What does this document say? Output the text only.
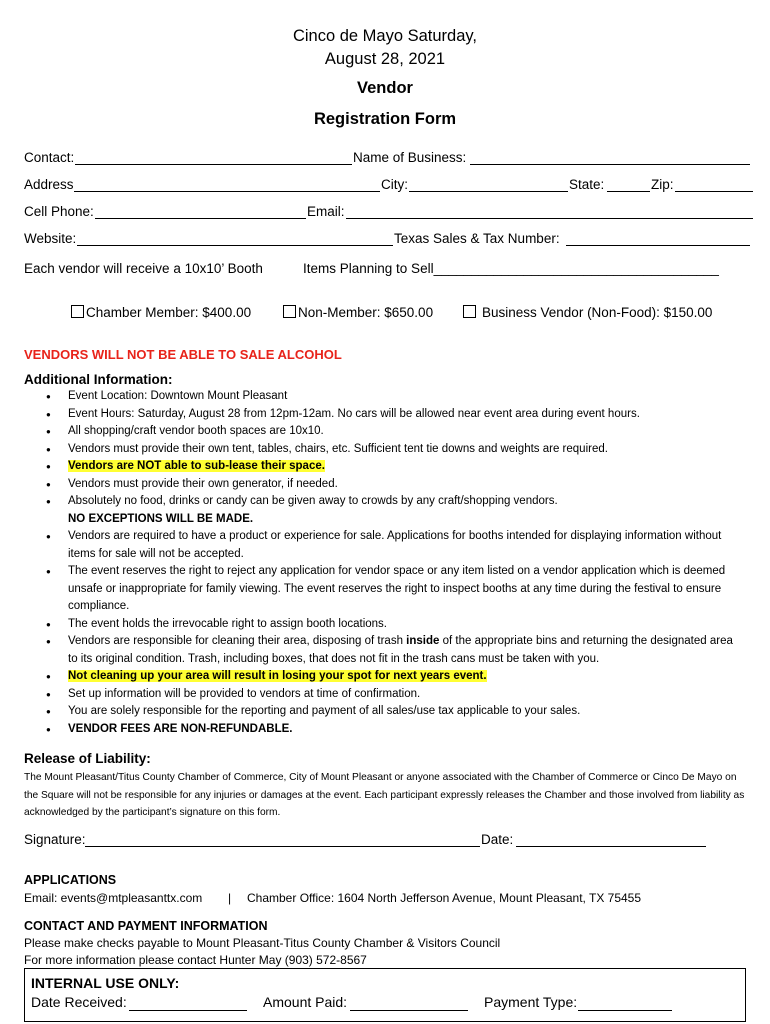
Cinco de Mayo Saturday,
August 28, 2021
Vendor
Registration Form
Contact:	Name of Business:
Address	City:	State:	Zip:
Cell Phone:	Email:
Website:	Texas Sales & Tax Number:
Each vendor will receive a 10x10’ Booth	Items Planning to Sell______________________________________
Chamber Member: $400.00	Non-Member: $650.00	Business Vendor (Non-Food): $150.00
VENDORS WILL NOT BE ABLE TO SALE ALCOHOL
Additional Information:
● Event Location: Downtown Mount Pleasant
● Event Hours: Saturday, August 28 from 12pm-12am. No cars will be allowed near event area during event hours.
● All shopping/craft vendor booth spaces are 10x10.
● Vendors must provide their own tent, tables, chairs, etc. Sufficient tent tie downs and weights are required.
● Vendors are NOT able to sub-lease their space.
● Vendors must provide their own generator, if needed.
● Absolutely no food, drinks or candy can be given away to crowds by any craft/shopping vendors.
NO EXCEPTIONS WILL BE MADE.
● Vendors are required to have a product or experience for sale. Applications for booths intended for displaying information without items for sale will not be accepted.
● The event reserves the right to reject any application for vendor space or any item listed on a vendor application which is deemed unsafe or inappropriate for family viewing. The event reserves the right to inspect booths at any time during the festival to ensure compliance.
● The event holds the irrevocable right to assign booth locations.
● Vendors are responsible for cleaning their area, disposing of trash inside of the appropriate bins and returning the designated area to its original condition. Trash, including boxes, that does not fit in the trash cans must be taken with you.
● Not cleaning up your area will result in losing your spot for next years event.
● Set up information will be provided to vendors at time of confirmation.
● You are solely responsible for the reporting and payment of all sales/use tax applicable to your sales.
● VENDOR FEES ARE NON-REFUNDABLE.
Release of Liability:
The Mount Pleasant/Titus County Chamber of Commerce, City of Mount Pleasant or anyone associated with the Chamber of Commerce or Cinco De Mayo on the Square will not be responsible for any injuries or damages at the event. Each participant expressly releases the Chamber and those involved from liability as acknowledged by the participant’s signature on this form.
Signature:	Date:
APPLICATIONS
Email: events@mtpleasanttx.com | Chamber Office: 1604 North Jefferson Avenue, Mount Pleasant, TX 75455
CONTACT AND PAYMENT INFORMATION
Please make checks payable to Mount Pleasant-Titus County Chamber & Visitors Council
For more information please contact Hunter May (903) 572-8567
INTERNAL USE ONLY:
Date Received:	Amount Paid:	Payment Type:
